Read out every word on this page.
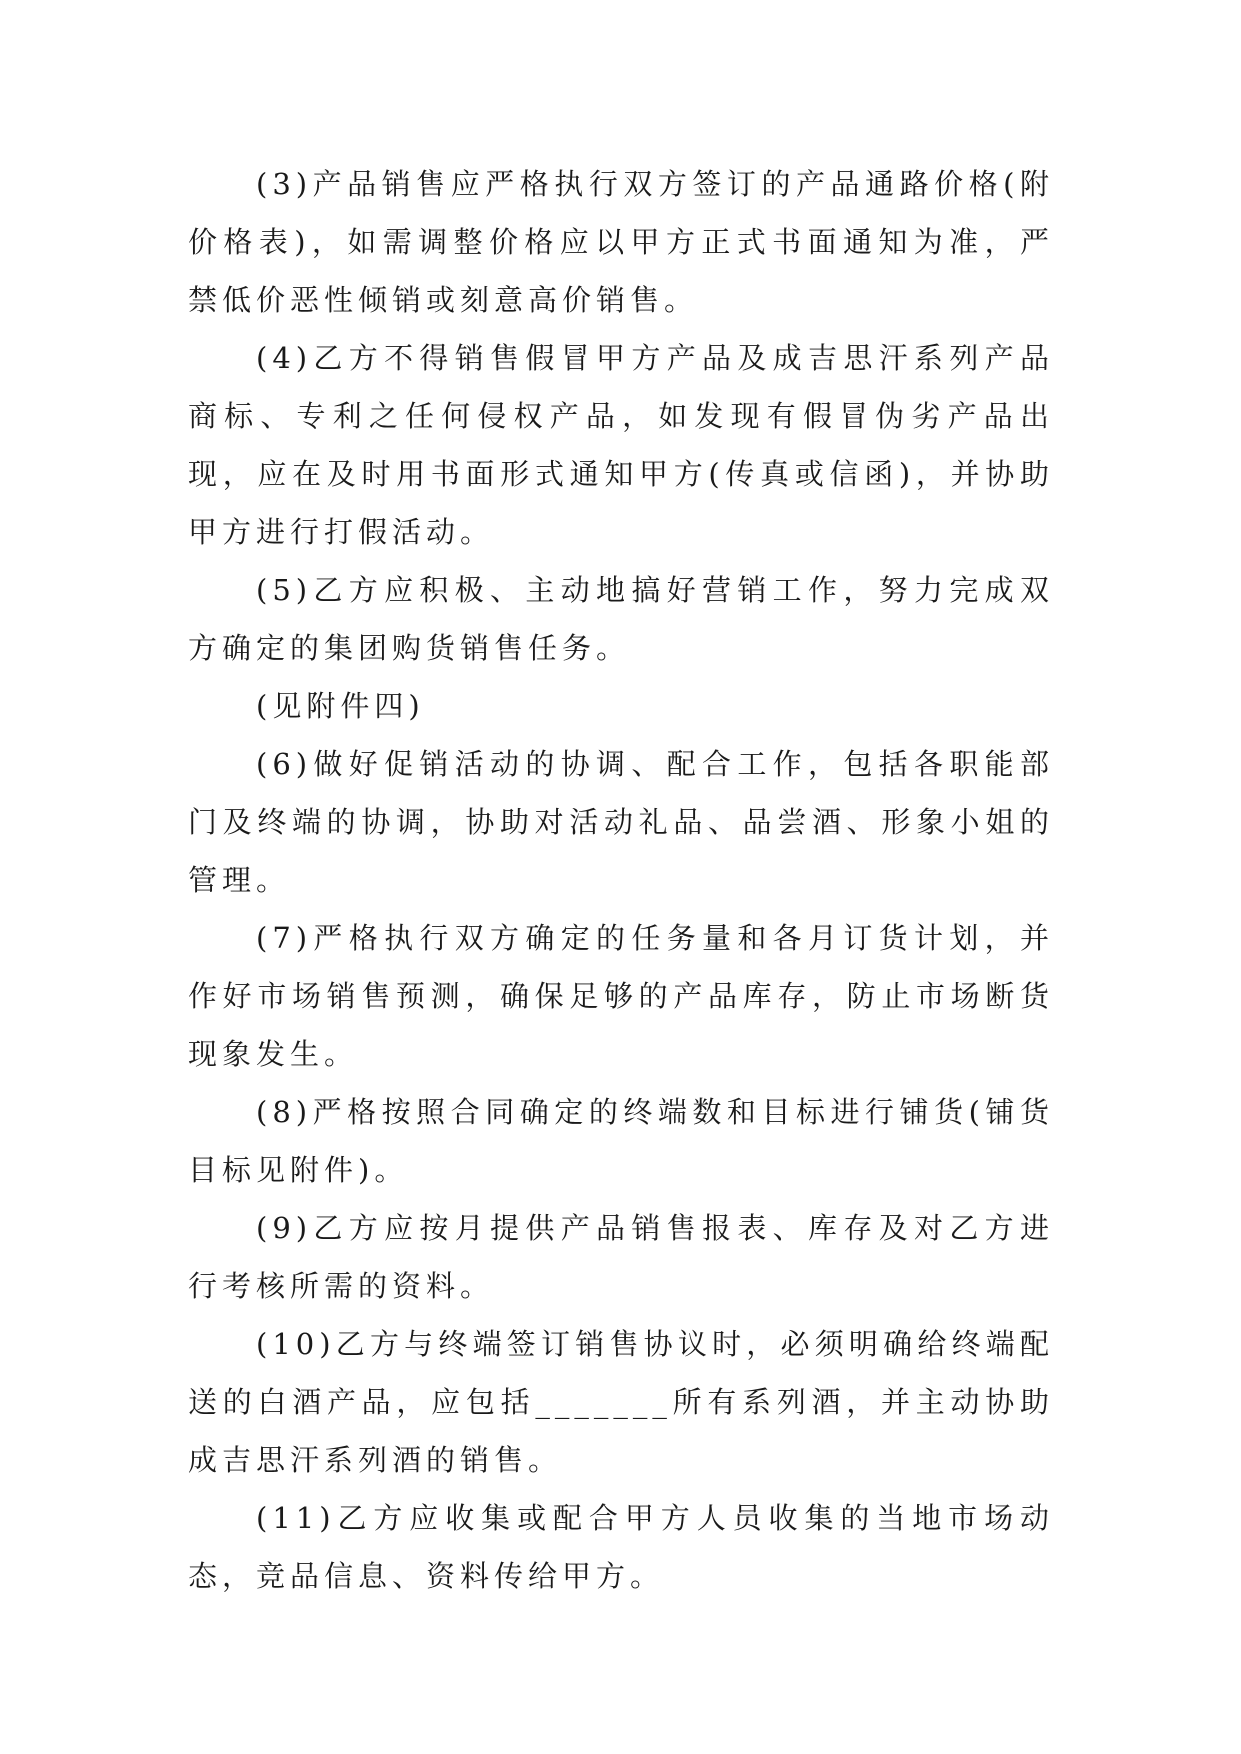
(3)产品销售应严格执行双方签订的产品通路价格(附价格表)，如需调整价格应以甲方正式书面通知为准，严禁低价恶性倾销或刻意高价销售。

(4)乙方不得销售假冒甲方产品及成吉思汗系列产品商标、专利之任何侵权产品，如发现有假冒伪劣产品出现，应在及时用书面形式通知甲方(传真或信函)，并协助甲方进行打假活动。

(5)乙方应积极、主动地搞好营销工作，努力完成双方确定的集团购货销售任务。

(见附件四)

(6)做好促销活动的协调、配合工作，包括各职能部门及终端的协调，协助对活动礼品、品尝酒、形象小姐的管理。

(7)严格执行双方确定的任务量和各月订货计划，并作好市场销售预测，确保足够的产品库存，防止市场断货现象发生。

(8)严格按照合同确定的终端数和目标进行铺货(铺货目标见附件)。

(9)乙方应按月提供产品销售报表、库存及对乙方进行考核所需的资料。

(10)乙方与终端签订销售协议时，必须明确给终端配送的白酒产品，应包括_______所有系列酒，并主动协助成吉思汗系列酒的销售。

(11)乙方应收集或配合甲方人员收集的当地市场动态，竞品信息、资料传给甲方。
